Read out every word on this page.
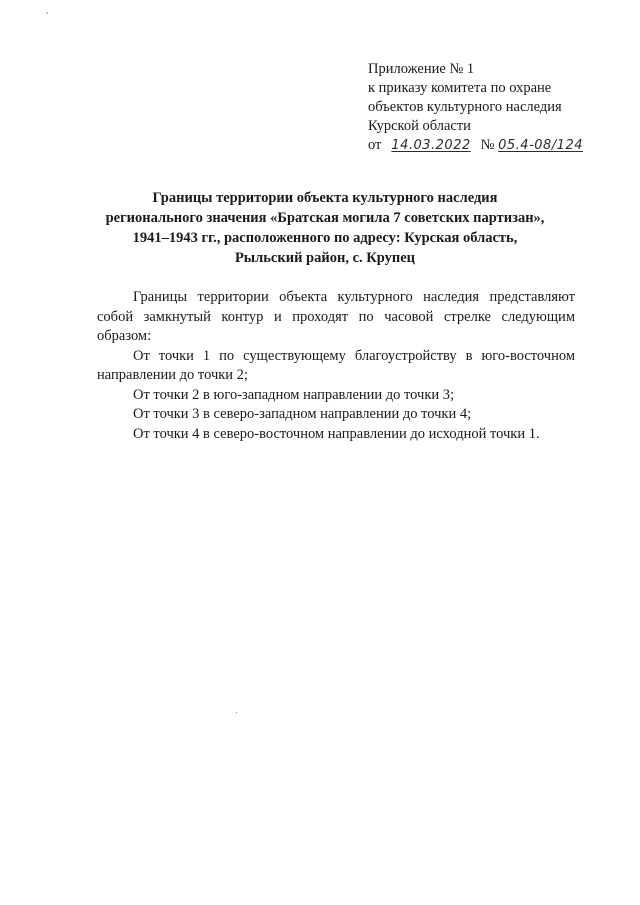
Приложение № 1
к приказу комитета по охране
объектов культурного наследия
Курской области
от 14.03.2022 № 05.4-08/124
Границы территории объекта культурного наследия
регионального значения «Братская могила 7 советских партизан»,
1941–1943 гг., расположенного по адресу: Курская область,
Рыльский район, с. Крупец

Границы территории объекта культурного наследия представляют собой замкнутый контур и проходят по часовой стрелке следующим образом:

От точки 1 по существующему благоустройству в юго-восточном направлении до точки 2;

От точки 2 в юго-западном направлении до точки 3;

От точки 3 в северо-западном направлении до точки 4;

От точки 4 в северо-восточном направлении до исходной точки 1.
